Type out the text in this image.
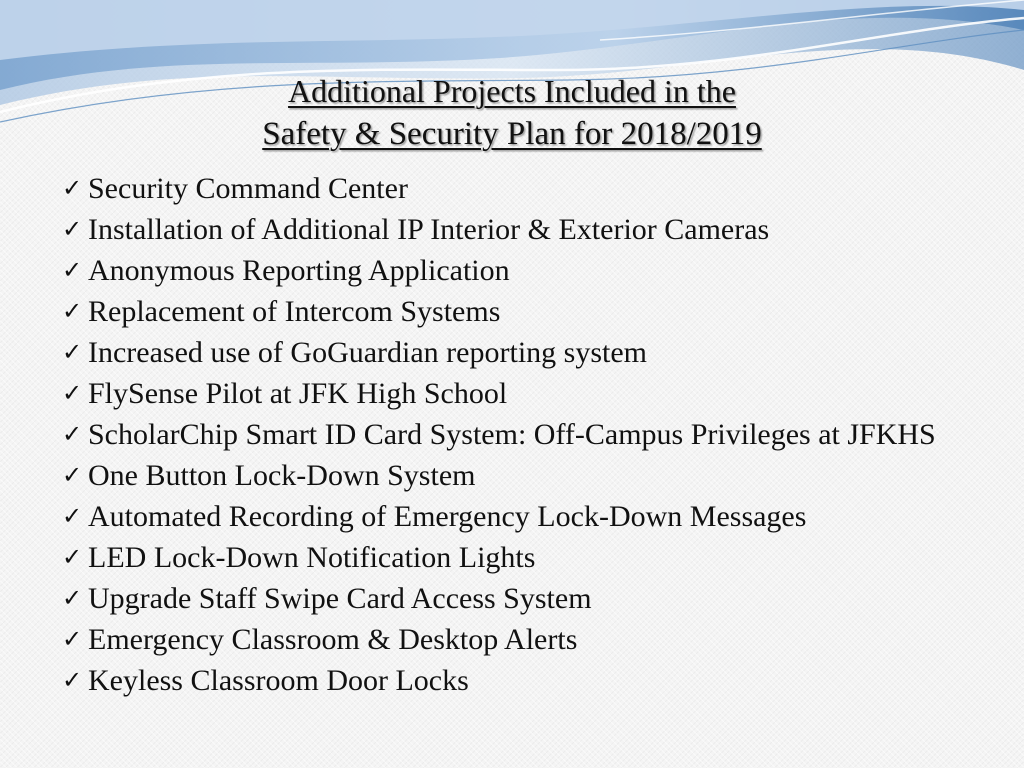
Additional Projects Included in the
Safety & Security Plan for 2018/2019
✓ Security Command Center
✓ Installation of Additional IP Interior & Exterior Cameras
✓ Anonymous Reporting Application
✓ Replacement of Intercom Systems
✓ Increased use of GoGuardian reporting system
✓ FlySense Pilot at JFK High School
✓ ScholarChip Smart ID Card System: Off-Campus Privileges at JFKHS
✓ One Button Lock-Down System
✓ Automated Recording of Emergency Lock-Down Messages
✓ LED Lock-Down Notification Lights
✓ Upgrade Staff Swipe Card Access System
✓ Emergency Classroom & Desktop Alerts
✓ Keyless Classroom Door Locks
